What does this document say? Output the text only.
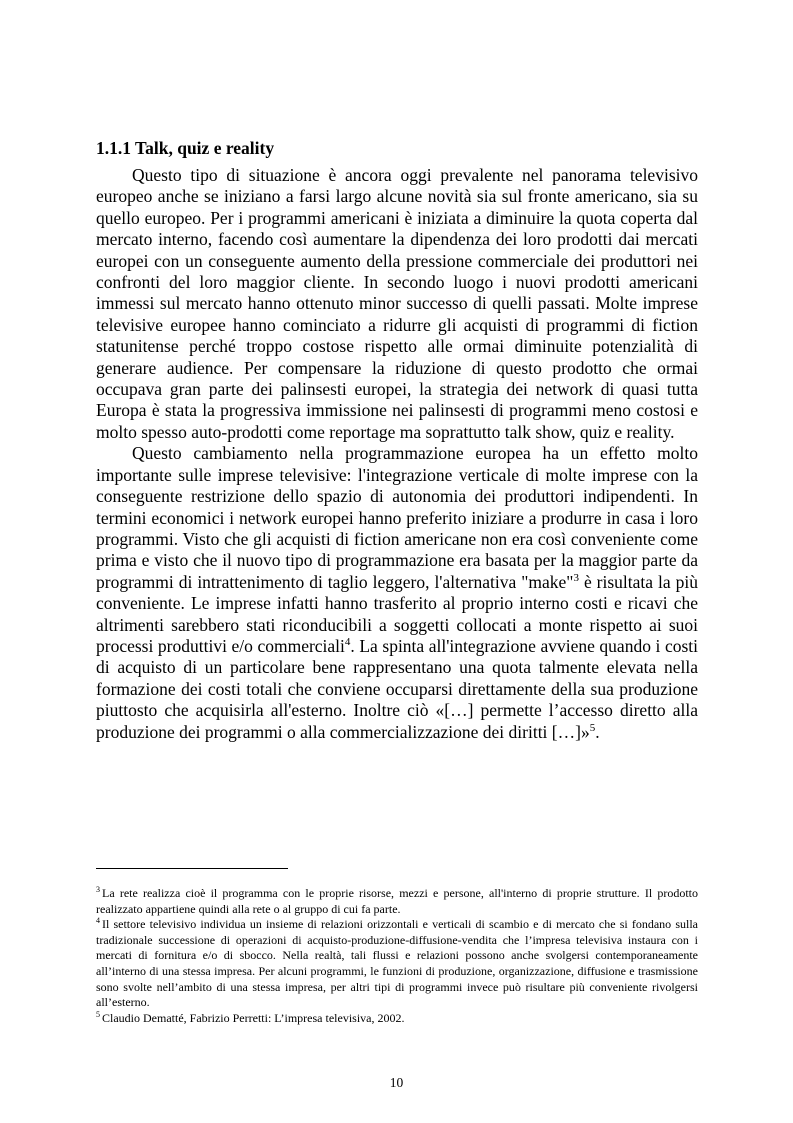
1.1.1 Talk, quiz e reality

Questo tipo di situazione è ancora oggi prevalente nel panorama televisivo europeo anche se iniziano a farsi largo alcune novità sia sul fronte americano, sia su quello europeo. Per i programmi americani è iniziata a diminuire la quota coperta dal mercato interno, facendo così aumentare la dipendenza dei loro prodotti dai mercati europei con un conseguente aumento della pressione commerciale dei produttori nei confronti del loro maggior cliente. In secondo luogo i nuovi prodotti americani immessi sul mercato hanno ottenuto minor successo di quelli passati. Molte imprese televisive europee hanno cominciato a ridurre gli acquisti di programmi di fiction statunitense perché troppo costose rispetto alle ormai diminuite potenzialità di generare audience. Per compensare la riduzione di questo prodotto che ormai occupava gran parte dei palinsesti europei, la strategia dei network di quasi tutta Europa è stata la progressiva immissione nei palinsesti di programmi meno costosi e molto spesso auto-prodotti come reportage ma soprattutto talk show, quiz e reality.

Questo cambiamento nella programmazione europea ha un effetto molto importante sulle imprese televisive: l'integrazione verticale di molte imprese con la conseguente restrizione dello spazio di autonomia dei produttori indipendenti. In termini economici i network europei hanno preferito iniziare a produrre in casa i loro programmi. Visto che gli acquisti di fiction americane non era così conveniente come prima e visto che il nuovo tipo di programmazione era basata per la maggior parte da programmi di intrattenimento di taglio leggero, l'alternativa "make"$^3$ è risultata la più conveniente. Le imprese infatti hanno trasferito al proprio interno costi e ricavi che altrimenti sarebbero stati riconducibili a soggetti collocati a monte rispetto ai suoi processi produttivi e/o commerciali$^4$. La spinta all'integrazione avviene quando i costi di acquisto di un particolare bene rappresentano una quota talmente elevata nella formazione dei costi totali che conviene occuparsi direttamente della sua produzione piuttosto che acquisirla all'esterno. Inoltre ciò «[…] permette l’accesso diretto alla produzione dei programmi o alla commercializzazione dei diritti […]»$^5$.

$^3$ La rete realizza cioè il programma con le proprie risorse, mezzi e persone, all'interno di proprie strutture. Il prodotto realizzato appartiene quindi alla rete o al gruppo di cui fa parte.

$^4$ Il settore televisivo individua un insieme di relazioni orizzontali e verticali di scambio e di mercato che si fondano sulla tradizionale successione di operazioni di acquisto-produzione-diffusione-vendita che l’impresa televisiva instaura con i mercati di fornitura e/o di sbocco. Nella realtà, tali flussi e relazioni possono anche svolgersi contemporaneamente all’interno di una stessa impresa. Per alcuni programmi, le funzioni di produzione, organizzazione, diffusione e trasmissione sono svolte nell’ambito di una stessa impresa, per altri tipi di programmi invece può risultare più conveniente rivolgersi all’esterno.

$^5$ Claudio Dematté, Fabrizio Perretti: L’impresa televisiva, 2002.

10
